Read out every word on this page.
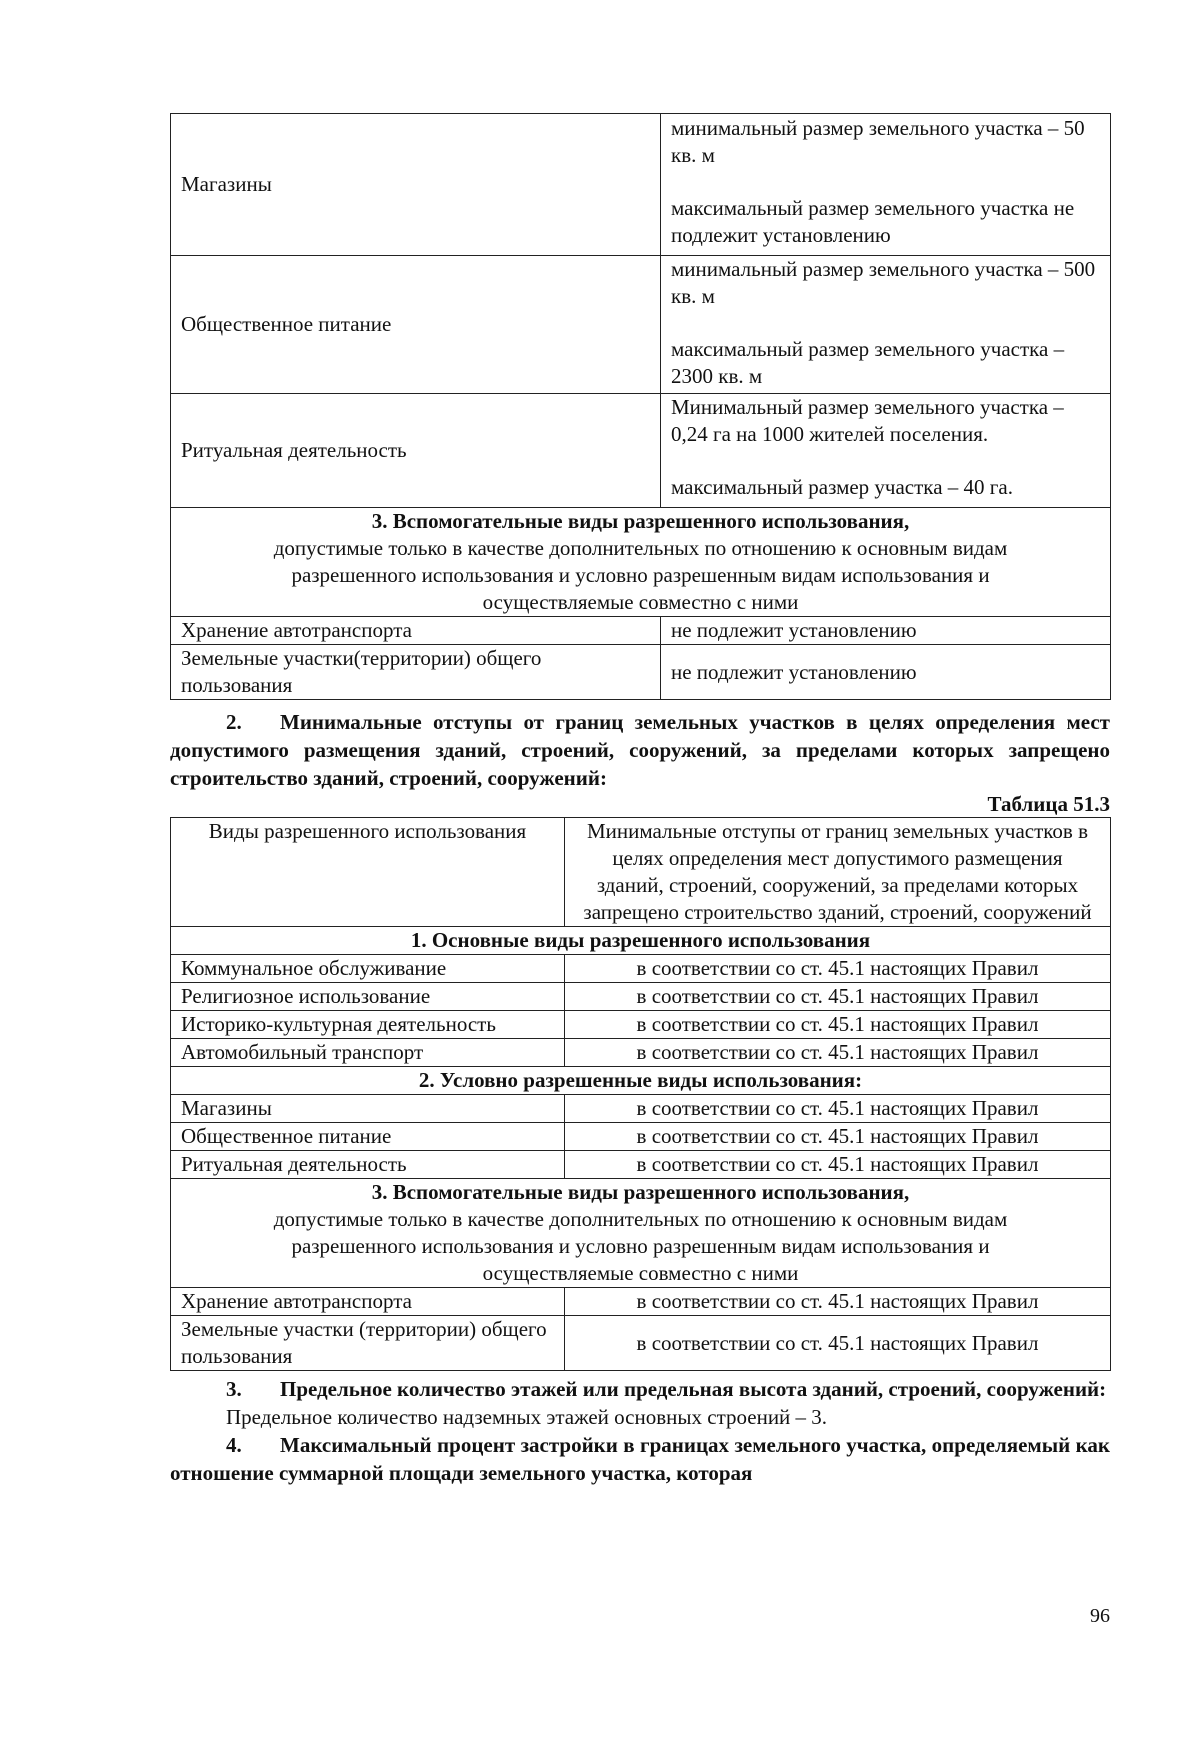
Магазины	минимальный размер земельного участка – 50 кв. м
максимальный размер земельного участка не подлежит установлению

Общественное питание	минимальный размер земельного участка – 500 кв. м
максимальный размер земельного участка – 2300 кв. м

Ритуальная деятельность	Минимальный размер земельного участка – 0,24 га на 1000 жителей поселения.
максимальный размер участка – 40 га.

3. Вспомогательные виды разрешенного использования,
допустимые только в качестве дополнительных по отношению к основным видам разрешенного использования и условно разрешенным видам использования и осуществляемые совместно с ними	
Хранение автотранспорта	не подлежит установлению
Земельные участки(территории) общего пользования	не подлежит установлению

2. Минимальные отступы от границ земельных участков в целях определения мест допустимого размещения зданий, строений, сооружений, за пределами которых запрещено строительство зданий, строений, сооружений:

Таблица 51.3

Виды разрешенного использования	Минимальные отступы от границ земельных участков в целях определения мест допустимого размещения зданий, строений, сооружений, за пределами которых запрещено строительство зданий, строений, сооружений
1. Основные виды разрешенного использования	
Коммунальное обслуживание	в соответствии со ст. 45.1 настоящих Правил
Религиозное использование	в соответствии со ст. 45.1 настоящих Правил
Историко-культурная деятельность	в соответствии со ст. 45.1 настоящих Правил
Автомобильный транспорт	в соответствии со ст. 45.1 настоящих Правил
2. Условно разрешенные виды использования:	
Магазины	в соответствии со ст. 45.1 настоящих Правил
Общественное питание	в соответствии со ст. 45.1 настоящих Правил
Ритуальная деятельность	в соответствии со ст. 45.1 настоящих Правил

3. Вспомогательные виды разрешенного использования,
допустимые только в качестве дополнительных по отношению к основным видам разрешенного использования и условно разрешенным видам использования и осуществляемые совместно с ними	
Хранение автотранспорта	в соответствии со ст. 45.1 настоящих Правил
Земельные участки (территории) общего пользования	в соответствии со ст. 45.1 настоящих Правил

3. Предельное количество этажей или предельная высота зданий, строений, сооружений:

Предельное количество надземных этажей основных строений – 3.

4. Максимальный процент застройки в границах земельного участка, определяемый как отношение суммарной площади земельного участка, которая

96
